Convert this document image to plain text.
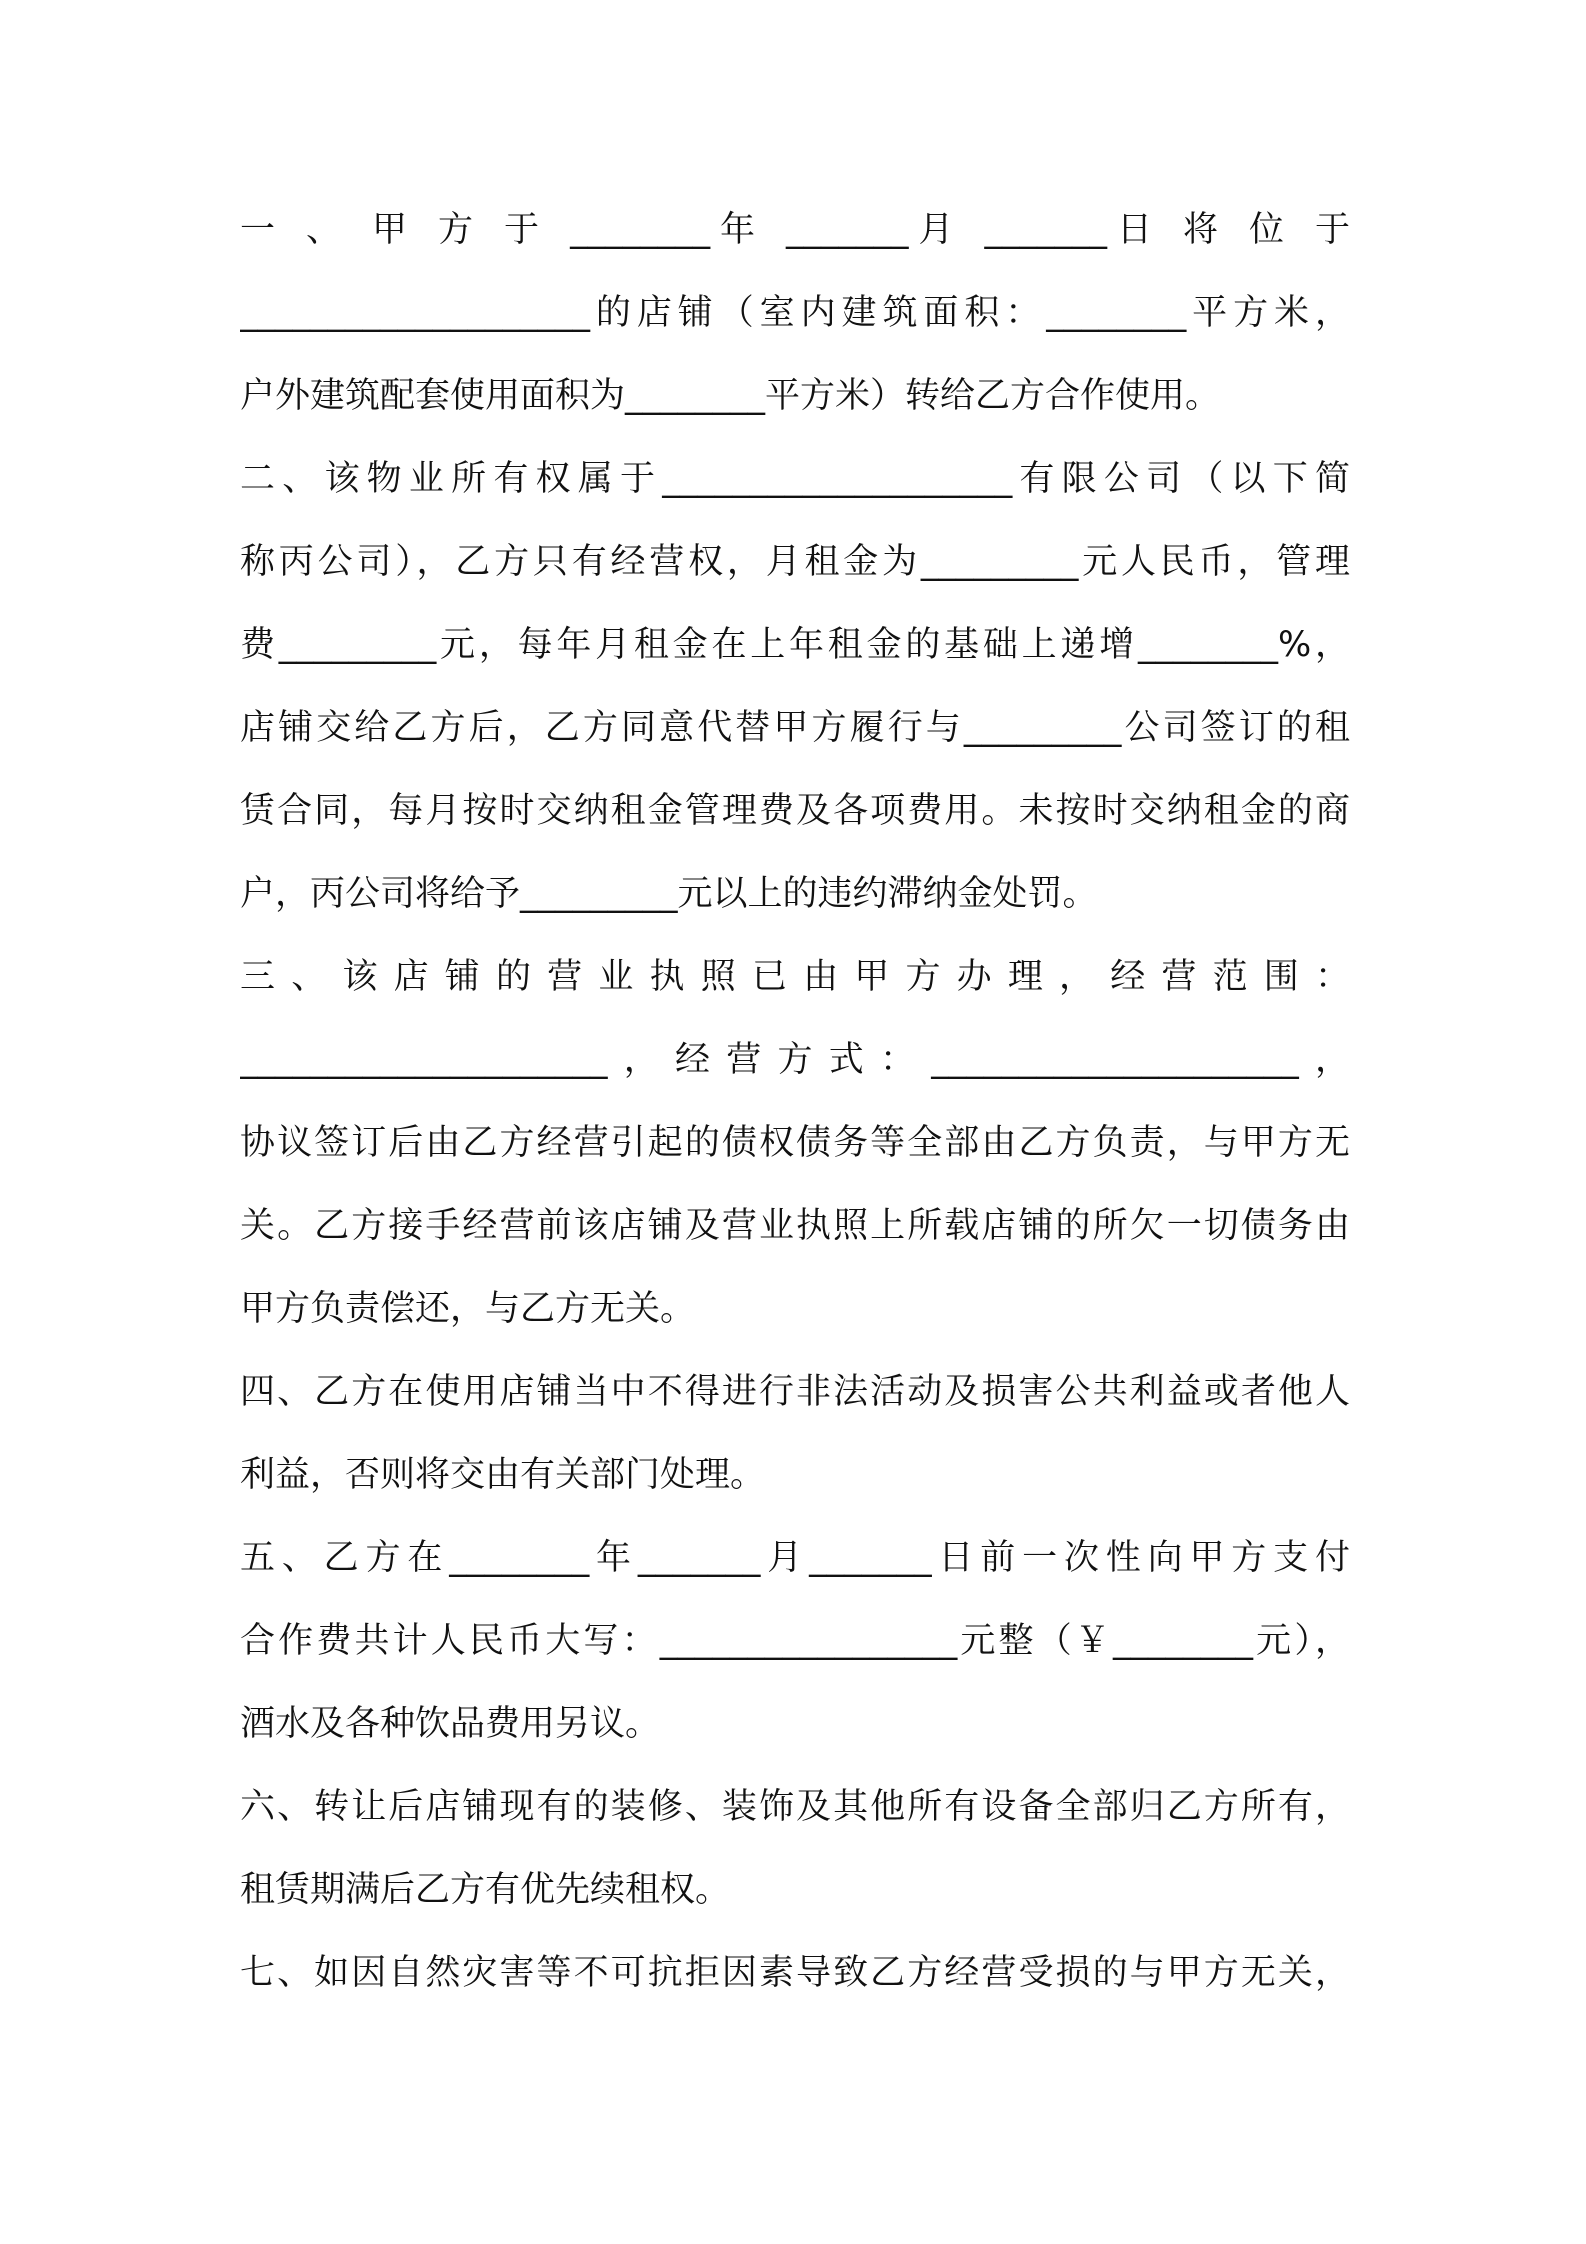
一 、 甲 方 于 ________年 _______月 _______日 将 位 于
____________________的店铺（室内建筑面积：________平方米，
户外建筑配套使用面积为________平方米）转给乙方合作使用。
二、该物业所有权属于____________________有限公司（以下简
称丙公司），乙方只有经营权，月租金为_________元人民币，管理
费_________元，每年月租金在上年租金的基础上递增________%，
店铺交给乙方后，乙方同意代替甲方履行与_________公司签订的租
赁合同，每月按时交纳租金管理费及各项费用。未按时交纳租金的商
户，丙公司将给予_________元以上的违约滞纳金处罚。
三 、 该 店 铺 的 营 业 执 照 已 由 甲 方 办 理 ， 经 营 范 围 ：
_____________________，经营方式：_____________________，
协议签订后由乙方经营引起的债权债务等全部由乙方负责，与甲方无
关。乙方接手经营前该店铺及营业执照上所载店铺的所欠一切债务由
甲方负责偿还，与乙方无关。
四、乙方在使用店铺当中不得进行非法活动及损害公共利益或者他人
利益，否则将交由有关部门处理。
五、乙方在________年_______月_______日前一次性向甲方支付
合作费共计人民币大写：_________________元整（￥________元），
酒水及各种饮品费用另议。
六、转让后店铺现有的装修、装饰及其他所有设备全部归乙方所有，
租赁期满后乙方有优先续租权。
七、如因自然灾害等不可抗拒因素导致乙方经营受损的与甲方无关，
